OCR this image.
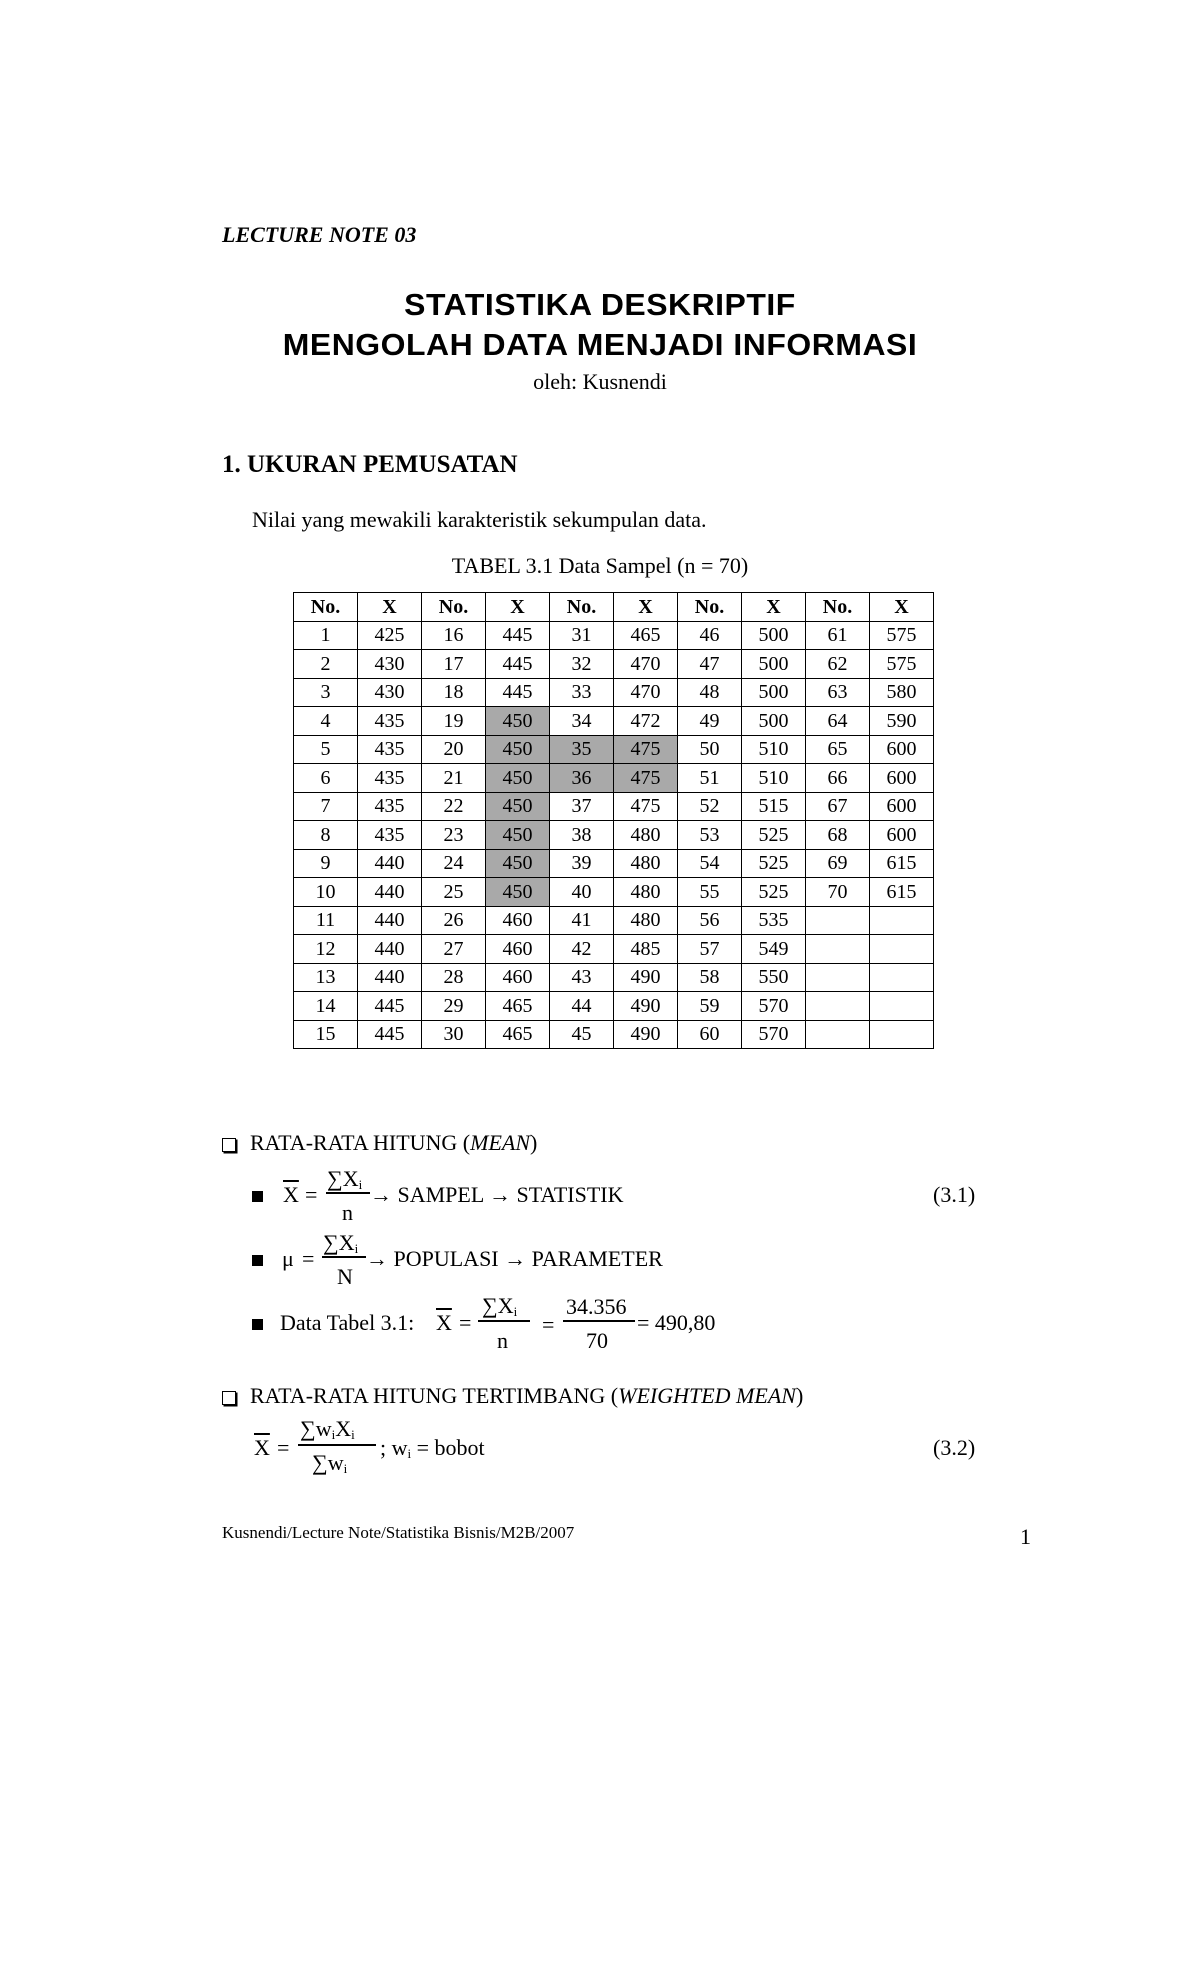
LECTURE NOTE 03
STATISTIKA DESKRIPTIF
MENGOLAH DATA MENJADI INFORMASI
oleh: Kusnendi
1. UKURAN PEMUSATAN
Nilai yang mewakili karakteristik sekumpulan data.
TABEL 3.1 Data Sampel (n = 70)
No.	X	No.	X	No.	X	No.	X	No.	X
1	425	16	445	31	465	46	500	61	575
2	430	17	445	32	470	47	500	62	575
3	430	18	445	33	470	48	500	63	580
4	435	19	450	34	472	49	500	64	590
5	435	20	450	35	475	50	510	65	600
6	435	21	450	36	475	51	510	66	600
7	435	22	450	37	475	52	515	67	600
8	435	23	450	38	480	53	525	68	600
9	440	24	450	39	480	54	525	69	615
10	440	25	450	40	480	55	525	70	615
11	440	26	460	41	480	56	535		
12	440	27	460	42	485	57	549		
13	440	28	460	43	490	58	550		
14	445	29	465	44	490	59	570		
15	445	30	465	45	490	60	570		
RATA-RATA HITUNG (MEAN)
$\overline{X}$ =
$\sum X_i$
n
→ SAMPEL → STATISTIK	(3.1)
μ =
$\sum X_i$
N
→ POPULASI → PARAMETER
Data Tabel 3.1: $\overline{X}$ =
$\sum X_i$
n
=
34.356
70
= 490,80
RATA-RATA HITUNG TERTIMBANG (WEIGHTED MEAN)
$\overline{X}$ =
$\sum w_iX_i$
$\sum w_i$
; $w_i$ = bobot	(3.2)
Kusnendi/Lecture Note/Statistika Bisnis/M2B/2007	1
